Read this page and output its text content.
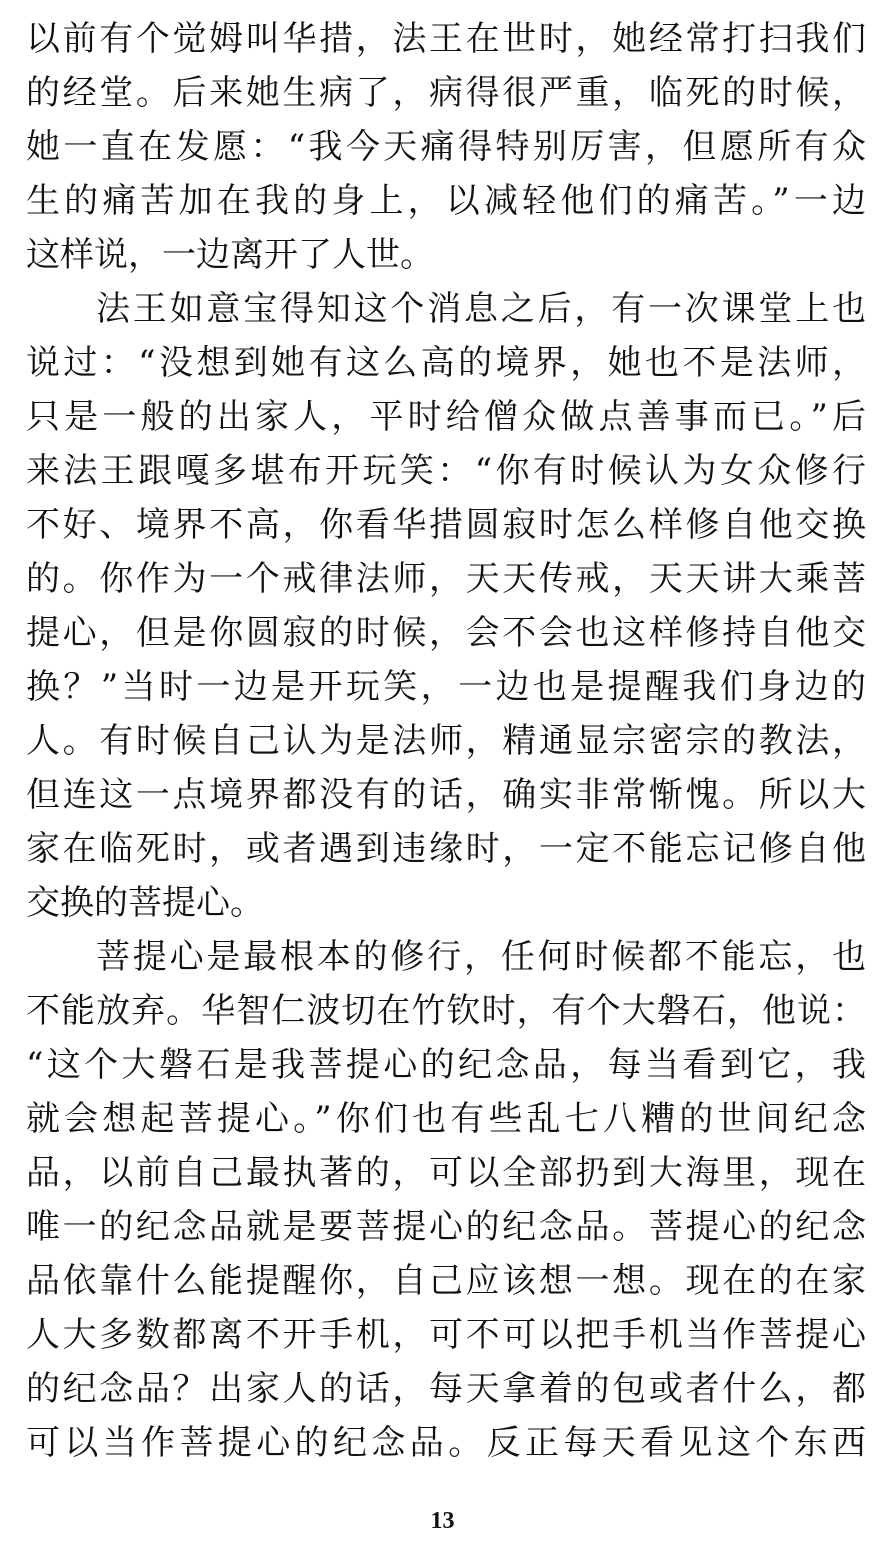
以前有个觉姆叫华措，法王在世时，她经常打扫我们
的经堂。后来她生病了，病得很严重，临死的时候，
她一直在发愿：“我今天痛得特别厉害，但愿所有众
生的痛苦加在我的身上，以减轻他们的痛苦。”一边
这样说，一边离开了人世。
法王如意宝得知这个消息之后，有一次课堂上也
说过：“没想到她有这么高的境界，她也不是法师，
只是一般的出家人，平时给僧众做点善事而已。”后
来法王跟嘎多堪布开玩笑：“你有时候认为女众修行
不好、境界不高，你看华措圆寂时怎么样修自他交换
的。你作为一个戒律法师，天天传戒，天天讲大乘菩
提心，但是你圆寂的时候，会不会也这样修持自他交
换？”当时一边是开玩笑，一边也是提醒我们身边的
人。有时候自己认为是法师，精通显宗密宗的教法，
但连这一点境界都没有的话，确实非常惭愧。所以大
家在临死时，或者遇到违缘时，一定不能忘记修自他
交换的菩提心。
菩提心是最根本的修行，任何时候都不能忘，也
不能放弃。华智仁波切在竹钦时，有个大磐石，他说：
“这个大磐石是我菩提心的纪念品，每当看到它，我
就会想起菩提心。”你们也有些乱七八糟的世间纪念
品，以前自己最执著的，可以全部扔到大海里，现在
唯一的纪念品就是要菩提心的纪念品。菩提心的纪念
品依靠什么能提醒你，自己应该想一想。现在的在家
人大多数都离不开手机，可不可以把手机当作菩提心
的纪念品？出家人的话，每天拿着的包或者什么，都
可以当作菩提心的纪念品。反正每天看见这个东西
13
